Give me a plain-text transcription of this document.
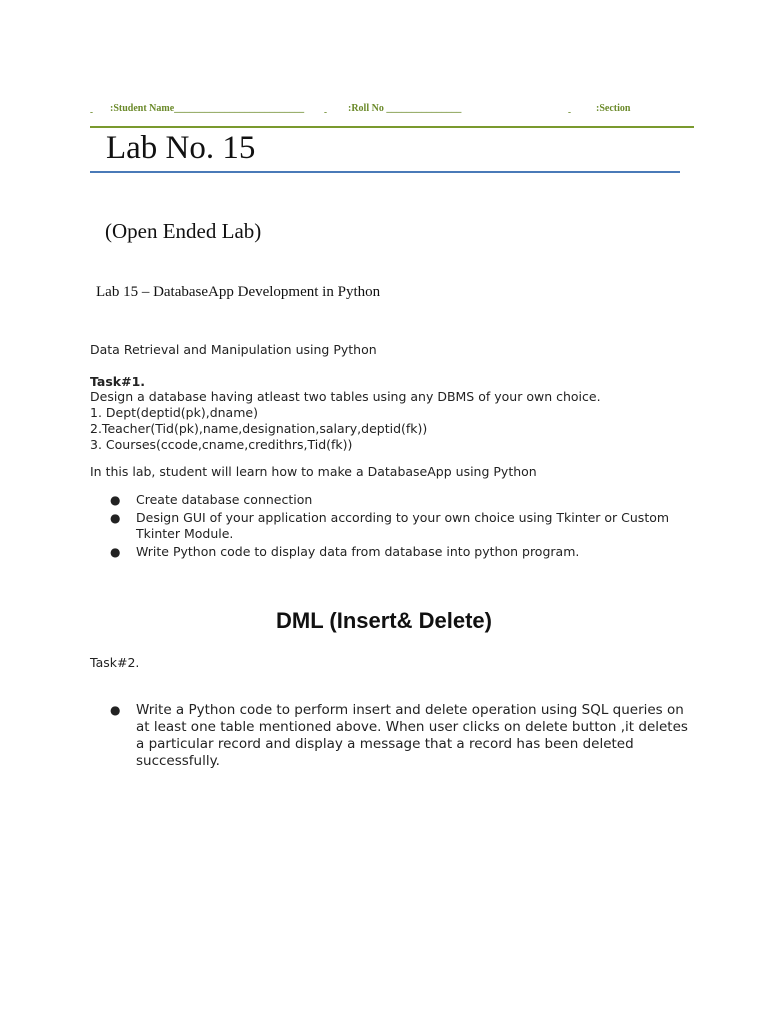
- :Student Name__________________________ - :Roll No _______________	-	:Section
Lab No. 15
(Open Ended Lab)
Lab 15 – DatabaseApp Development in Python
Data Retrieval and Manipulation using Python
Task#1.
Design a database having atleast two tables using any DBMS of your own choice.
1. Dept(deptid(pk),dname)
2.Teacher(Tid(pk),name,designation,salary,deptid(fk))
3. Courses(ccode,cname,credithrs,Tid(fk))
In this lab, student will learn how to make a DatabaseApp using Python
● Create database connection
● Design GUI of your application according to your own choice using Tkinter or Custom Tkinter Module.
● Write Python code to display data from database into python program.
DML (Insert& Delete)
Task#2.
● Write a Python code to perform insert and delete operation using SQL queries on at least one table mentioned above. When user clicks on delete button ,it deletes a particular record and display a message that a record has been deleted successfully.
